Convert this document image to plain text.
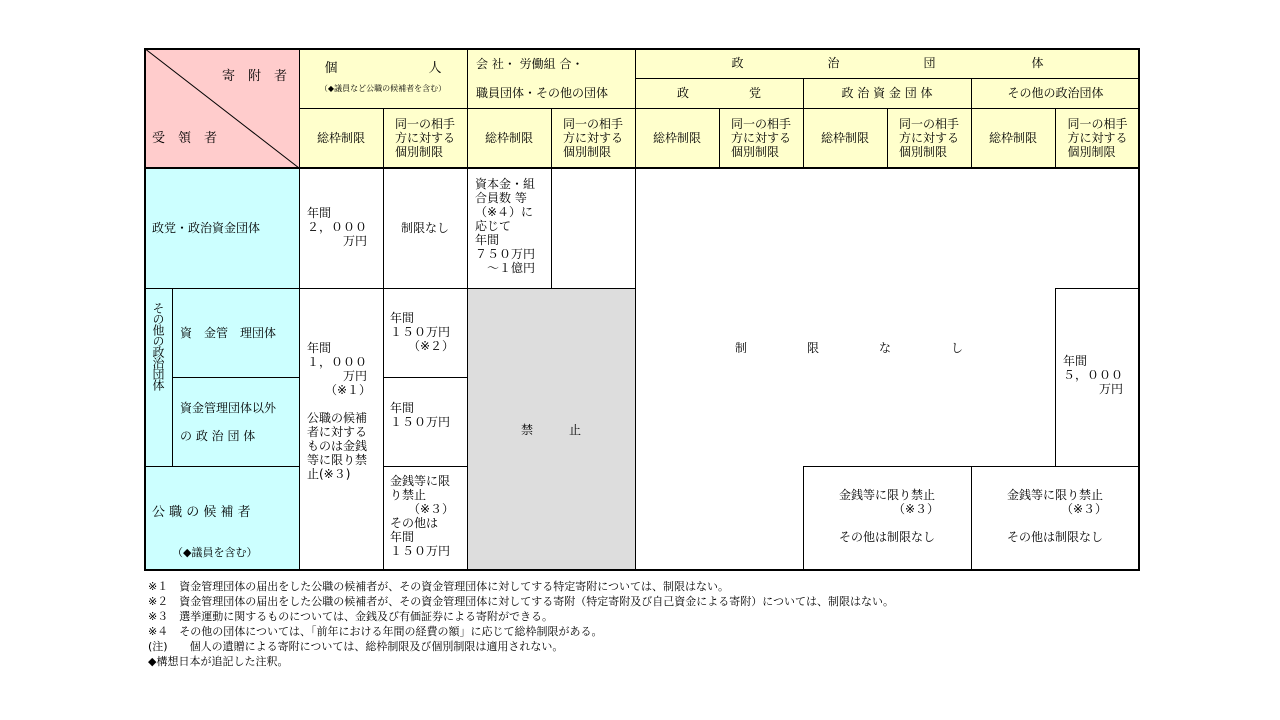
寄　附　者
受　領　者
個　　　　　　　人
（◆議員など公職の候補者を含む）
会 社・ 労働組 合・
職員団体・その他の団体
政　　　　　　　治　　　　　　　団　　　　　　　　体
政　　　　　党	政 治 資 金 団 体	その他の政治団体
総枠制限
同一の相手
方に対する
個別制限
総枠制限
同一の相手
方に対する
個別制限
総枠制限
同一の相手
方に対する
個別制限
総枠制限
同一の相手
方に対する
個別制限
総枠制限
同一の相手
方に対する
個別制限
政党・政治資金団体
その他の政治団体 資　金管　理団体
資金管理団体以外

の 政 治 団 体
公 職 の 候 補 者
（◆議員を含む）
年間
２，０００
　　　万円
制限なし
資本金・組
合員数 等
（※４）に
応じて
年間
７５０万円
　～１億円
年間
１，０００
　　　万円
　　（※１）

公職の候補
者に対する
ものは金銭
等に限り禁
止(※３)
年間
１５０万円
　　（※２）
年間
１５０万円
金銭等に限
り禁止
　　（※３）
その他は
年間
１５０万円
禁　　　止
制　　　　　限　　　　　な　　　　　し
年間
５，０００
　　　万円
金銭等に限り禁止
　　　　　（※３）

その他は制限なし
金銭等に限り禁止
　　　　　（※３）

その他は制限なし
※１　資金管理団体の届出をした公職の候補者が、その資金管理団体に対してする特定寄附については、制限はない。
※２　資金管理団体の届出をした公職の候補者が、その資金管理団体に対してする寄附（特定寄附及び自己資金による寄附）については、制限はない。
※３　選挙運動に関するものについては、金銭及び有価証券による寄附ができる。
※４　その他の団体については、「前年における年間の経費の額」に応じて総枠制限がある。
(注)　　個人の遺贈による寄附については、総枠制限及び個別制限は適用されない。
◆構想日本が追記した注釈。
